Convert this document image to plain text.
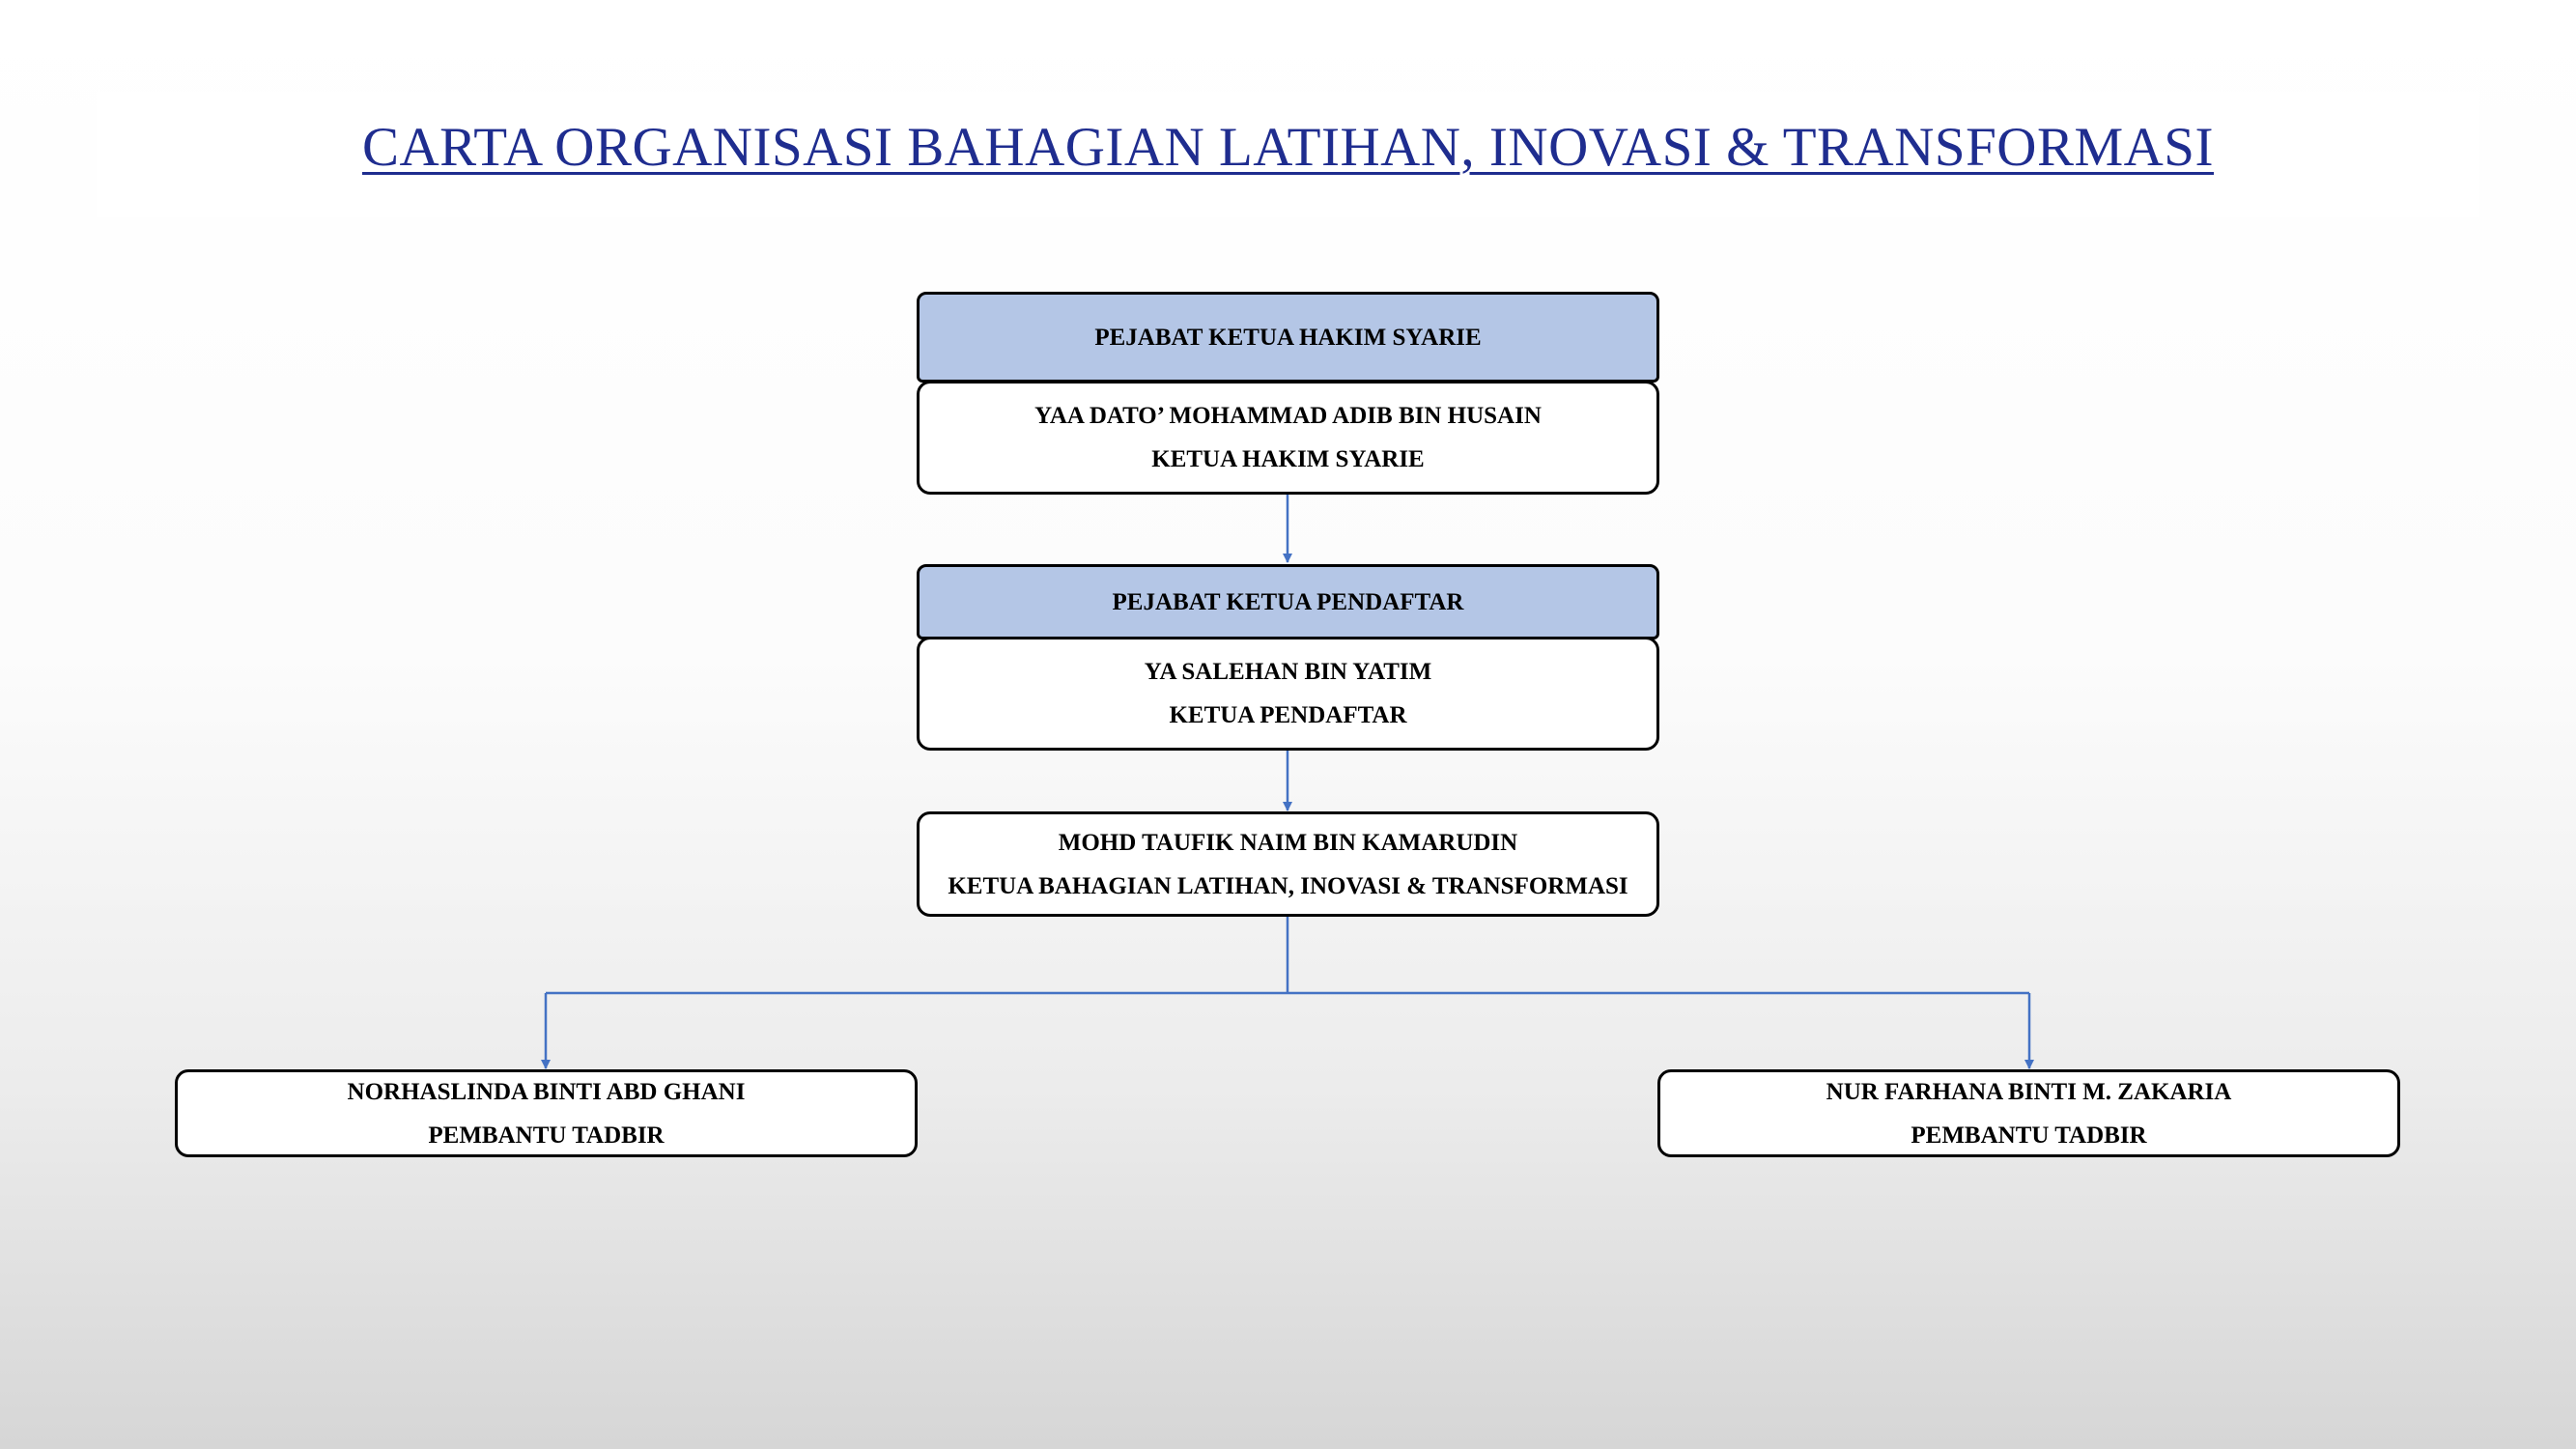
CARTA ORGANISASI BAHAGIAN LATIHAN, INOVASI & TRANSFORMASI
PEJABAT KETUA HAKIM SYARIE
YAA DATO’ MOHAMMAD ADIB BIN HUSAIN
KETUA HAKIM SYARIE
PEJABAT KETUA PENDAFTAR
YA SALEHAN BIN YATIM
KETUA PENDAFTAR
MOHD TAUFIK NAIM BIN KAMARUDIN
KETUA BAHAGIAN LATIHAN, INOVASI & TRANSFORMASI
NORHASLINDA BINTI ABD GHANI
PEMBANTU TADBIR
NUR FARHANA BINTI M. ZAKARIA
PEMBANTU TADBIR
